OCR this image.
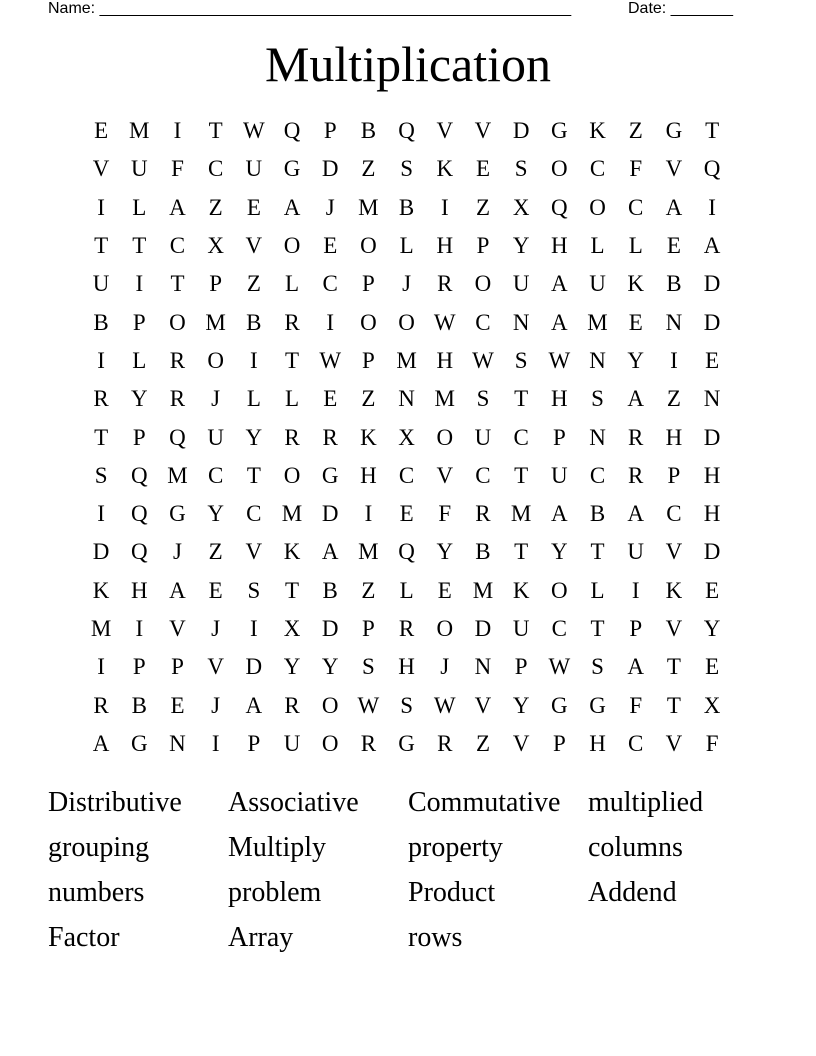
Name: _____________________________________________________	Date: _______
Multiplication
E M	I	T W Q	P	B Q V V D G K Z G T
V U	F	C U G D Z	S	K E	S	O C	F	V Q
I	L A Z	E A	J	M B	I	Z X Q O C A	I
T	T	C X V O E O L H	P	Y H L	L	E A
U	I	T	P	Z	L	C	P	J	R O U A U K B D
B	P	O M B R	I	O O W C N A M E N D
I	L	R O	I	T W P M H W S W N Y	I	E
R Y R	J	L	L	E	Z N M S	T H	S	A Z N
T	P	Q U Y R R K X O U C	P	N R H D
S	Q M C	T O G H C V C	T U C R	P	H
I	Q G Y C M D	I	E	F	R M A B A C H
D Q	J	Z V K A M Q Y B	T Y T U V D
K H A E	S	T	B	Z	L	E M K O L	I	K E
M	I	V	J	I	X D	P	R O D U C	T	P	V Y
I	P	P	V D Y Y	S	H	J	N	P W S	A T	E
R B	E	J	A R O W S W V Y G G	F	T X
A G N	I	P	U O R G R	Z V	P	H C V	F
Distributive	Associative	Commutative multiplied
grouping	Multiply	property	columns
numbers	problem	Product	Addend
Factor	Array	rows
